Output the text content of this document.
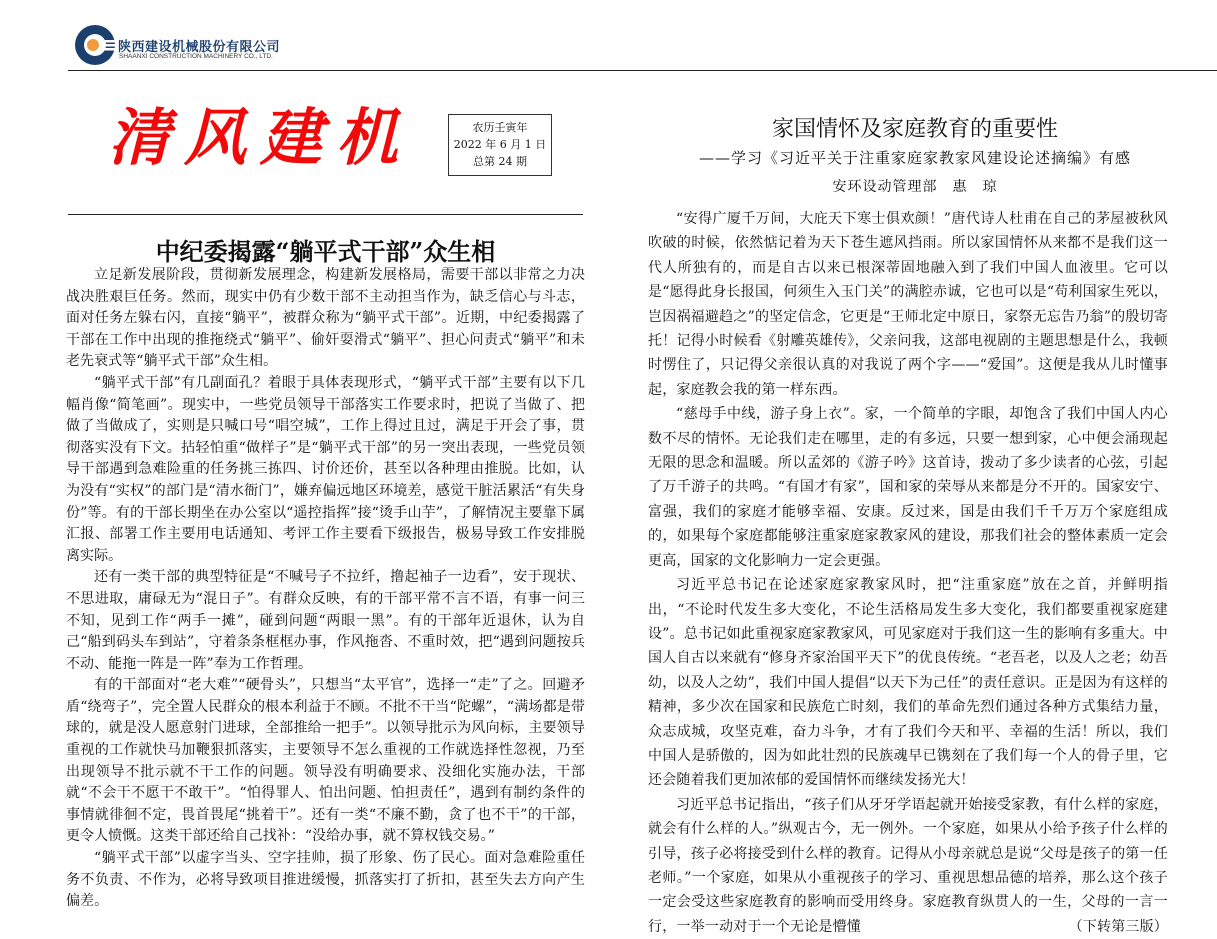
陕西建设机械股份有限公司
SHAANXI CONSTRUCTION MACHINERY CO., LTD.
清风建机	农历壬寅年
2022 年 6 月 1 日
总第 24 期
中纪委揭露“躺平式干部”众生相

立足新发展阶段，贯彻新发展理念，构建新发展格局，需要干部以非常之力决战决胜艰巨任务。然而，现实中仍有少数干部不主动担当作为，缺乏信心与斗志，面对任务左躲右闪，直接“躺平”，被群众称为“躺平式干部”。近期，中纪委揭露了干部在工作中出现的推拖绕式“躺平”、偷奸耍滑式“躺平”、担心问责式“躺平”和未老先衰式等“躺平式干部”众生相。

“躺平式干部”有几副面孔？着眼于具体表现形式，“躺平式干部”主要有以下几幅肖像“简笔画”。现实中，一些党员领导干部落实工作要求时，把说了当做了、把做了当做成了，实则是只喊口号“唱空城”，工作上得过且过，满足于开会了事，贯彻落实没有下文。拈轻怕重“做样子”是“躺平式干部”的另一突出表现，一些党员领导干部遇到急难险重的任务挑三拣四、讨价还价，甚至以各种理由推脱。比如，认为没有“实权”的部门是“清水衙门”，嫌弃偏远地区环境差，感觉干脏活累活“有失身份”等。有的干部长期坐在办公室以“遥控指挥”接“烫手山芋”，了解情况主要靠下属汇报、部署工作主要用电话通知、考评工作主要看下级报告，极易导致工作安排脱离实际。

还有一类干部的典型特征是“不喊号子不拉纤，撸起袖子一边看”，安于现状、不思进取，庸碌无为“混日子”。有群众反映，有的干部平常不言不语，有事一问三不知，见到工作“两手一摊”，碰到问题“两眼一黑”。有的干部年近退休，认为自己“船到码头车到站”，守着条条框框办事，作风拖沓、不重时效，把“遇到问题按兵不动、能拖一阵是一阵”奉为工作哲理。

有的干部面对“老大难”“硬骨头”，只想当“太平官”，选择一“走”了之。回避矛盾“绕弯子”，完全置人民群众的根本利益于不顾。不批不干当“陀螺”，“满场都是带球的，就是没人愿意射门进球，全部推给一把手”。以领导批示为风向标，主要领导重视的工作就快马加鞭狠抓落实，主要领导不怎么重视的工作就选择性忽视，乃至出现领导不批示就不干工作的问题。领导没有明确要求、没细化实施办法，干部就“不会干不愿干不敢干”。“怕得罪人、怕出问题、怕担责任”，遇到有制约条件的事情就徘徊不定，畏首畏尾“挑着干”。还有一类“不廉不勤，贪了也不干”的干部，更令人愤慨。这类干部还给自己找补：“没给办事，就不算权钱交易。”

“躺平式干部”以虚字当头、空字挂帅，损了形象、伤了民心。面对急难险重任务不负责、不作为，必将导致项目推进缓慢，抓落实打了折扣，甚至失去方向产生偏差。

家国情怀及家庭教育的重要性
——学习《习近平关于注重家庭家教家风建设论述摘编》有感
安环设动管理部　惠　琼

“安得广厦千万间，大庇天下寒士俱欢颜！”唐代诗人杜甫在自己的茅屋被秋风吹破的时候，依然惦记着为天下苍生遮风挡雨。所以家国情怀从来都不是我们这一代人所独有的，而是自古以来已根深蒂固地融入到了我们中国人血液里。它可以是“愿得此身长报国，何须生入玉门关”的满腔赤诚，它也可以是“苟利国家生死以，岂因祸福避趋之”的坚定信念，它更是“王师北定中原日，家祭无忘告乃翁”的殷切寄托！记得小时候看《射雕英雄传》，父亲问我，这部电视剧的主题思想是什么，我顿时愣住了，只记得父亲很认真的对我说了两个字——“爱国”。这便是我从儿时懂事起，家庭教会我的第一样东西。

“慈母手中线，游子身上衣”。家，一个简单的字眼，却饱含了我们中国人内心数不尽的情怀。无论我们走在哪里，走的有多远，只要一想到家，心中便会涌现起无限的思念和温暖。所以孟郊的《游子吟》这首诗，拨动了多少读者的心弦，引起了万千游子的共鸣。“有国才有家”，国和家的荣辱从来都是分不开的。国家安宁、富强，我们的家庭才能够幸福、安康。反过来，国是由我们千千万万个家庭组成的，如果每个家庭都能够注重家庭家教家风的建设，那我们社会的整体素质一定会更高，国家的文化影响力一定会更强。

习近平总书记在论述家庭家教家风时，把“注重家庭”放在之首，并鲜明指出，“不论时代发生多大变化，不论生活格局发生多大变化，我们都要重视家庭建设”。总书记如此重视家庭家教家风，可见家庭对于我们这一生的影响有多重大。中国人自古以来就有“修身齐家治国平天下”的优良传统。“老吾老，以及人之老；幼吾幼，以及人之幼”，我们中国人提倡“以天下为己任”的责任意识。正是因为有这样的精神，多少次在国家和民族危亡时刻，我们的革命先烈们通过各种方式集结力量，众志成城，攻坚克难，奋力斗争，才有了我们今天和平、幸福的生活！所以，我们中国人是骄傲的，因为如此壮烈的民族魂早已镌刻在了我们每一个人的骨子里，它还会随着我们更加浓郁的爱国情怀而继续发扬光大！

习近平总书记指出，“孩子们从牙牙学语起就开始接受家教，有什么样的家庭，就会有什么样的人。”纵观古今，无一例外。一个家庭，如果从小给予孩子什么样的引导，孩子必将接受到什么样的教育。记得从小母亲就总是说“父母是孩子的第一任老师。”一个家庭，如果从小重视孩子的学习、重视思想品德的培养，那么这个孩子一定会受这些家庭教育的影响而受用终身。家庭教育纵贯人的一生，父母的一言一行，一举一动对于一个无论是懵懂	（下转第三版）
